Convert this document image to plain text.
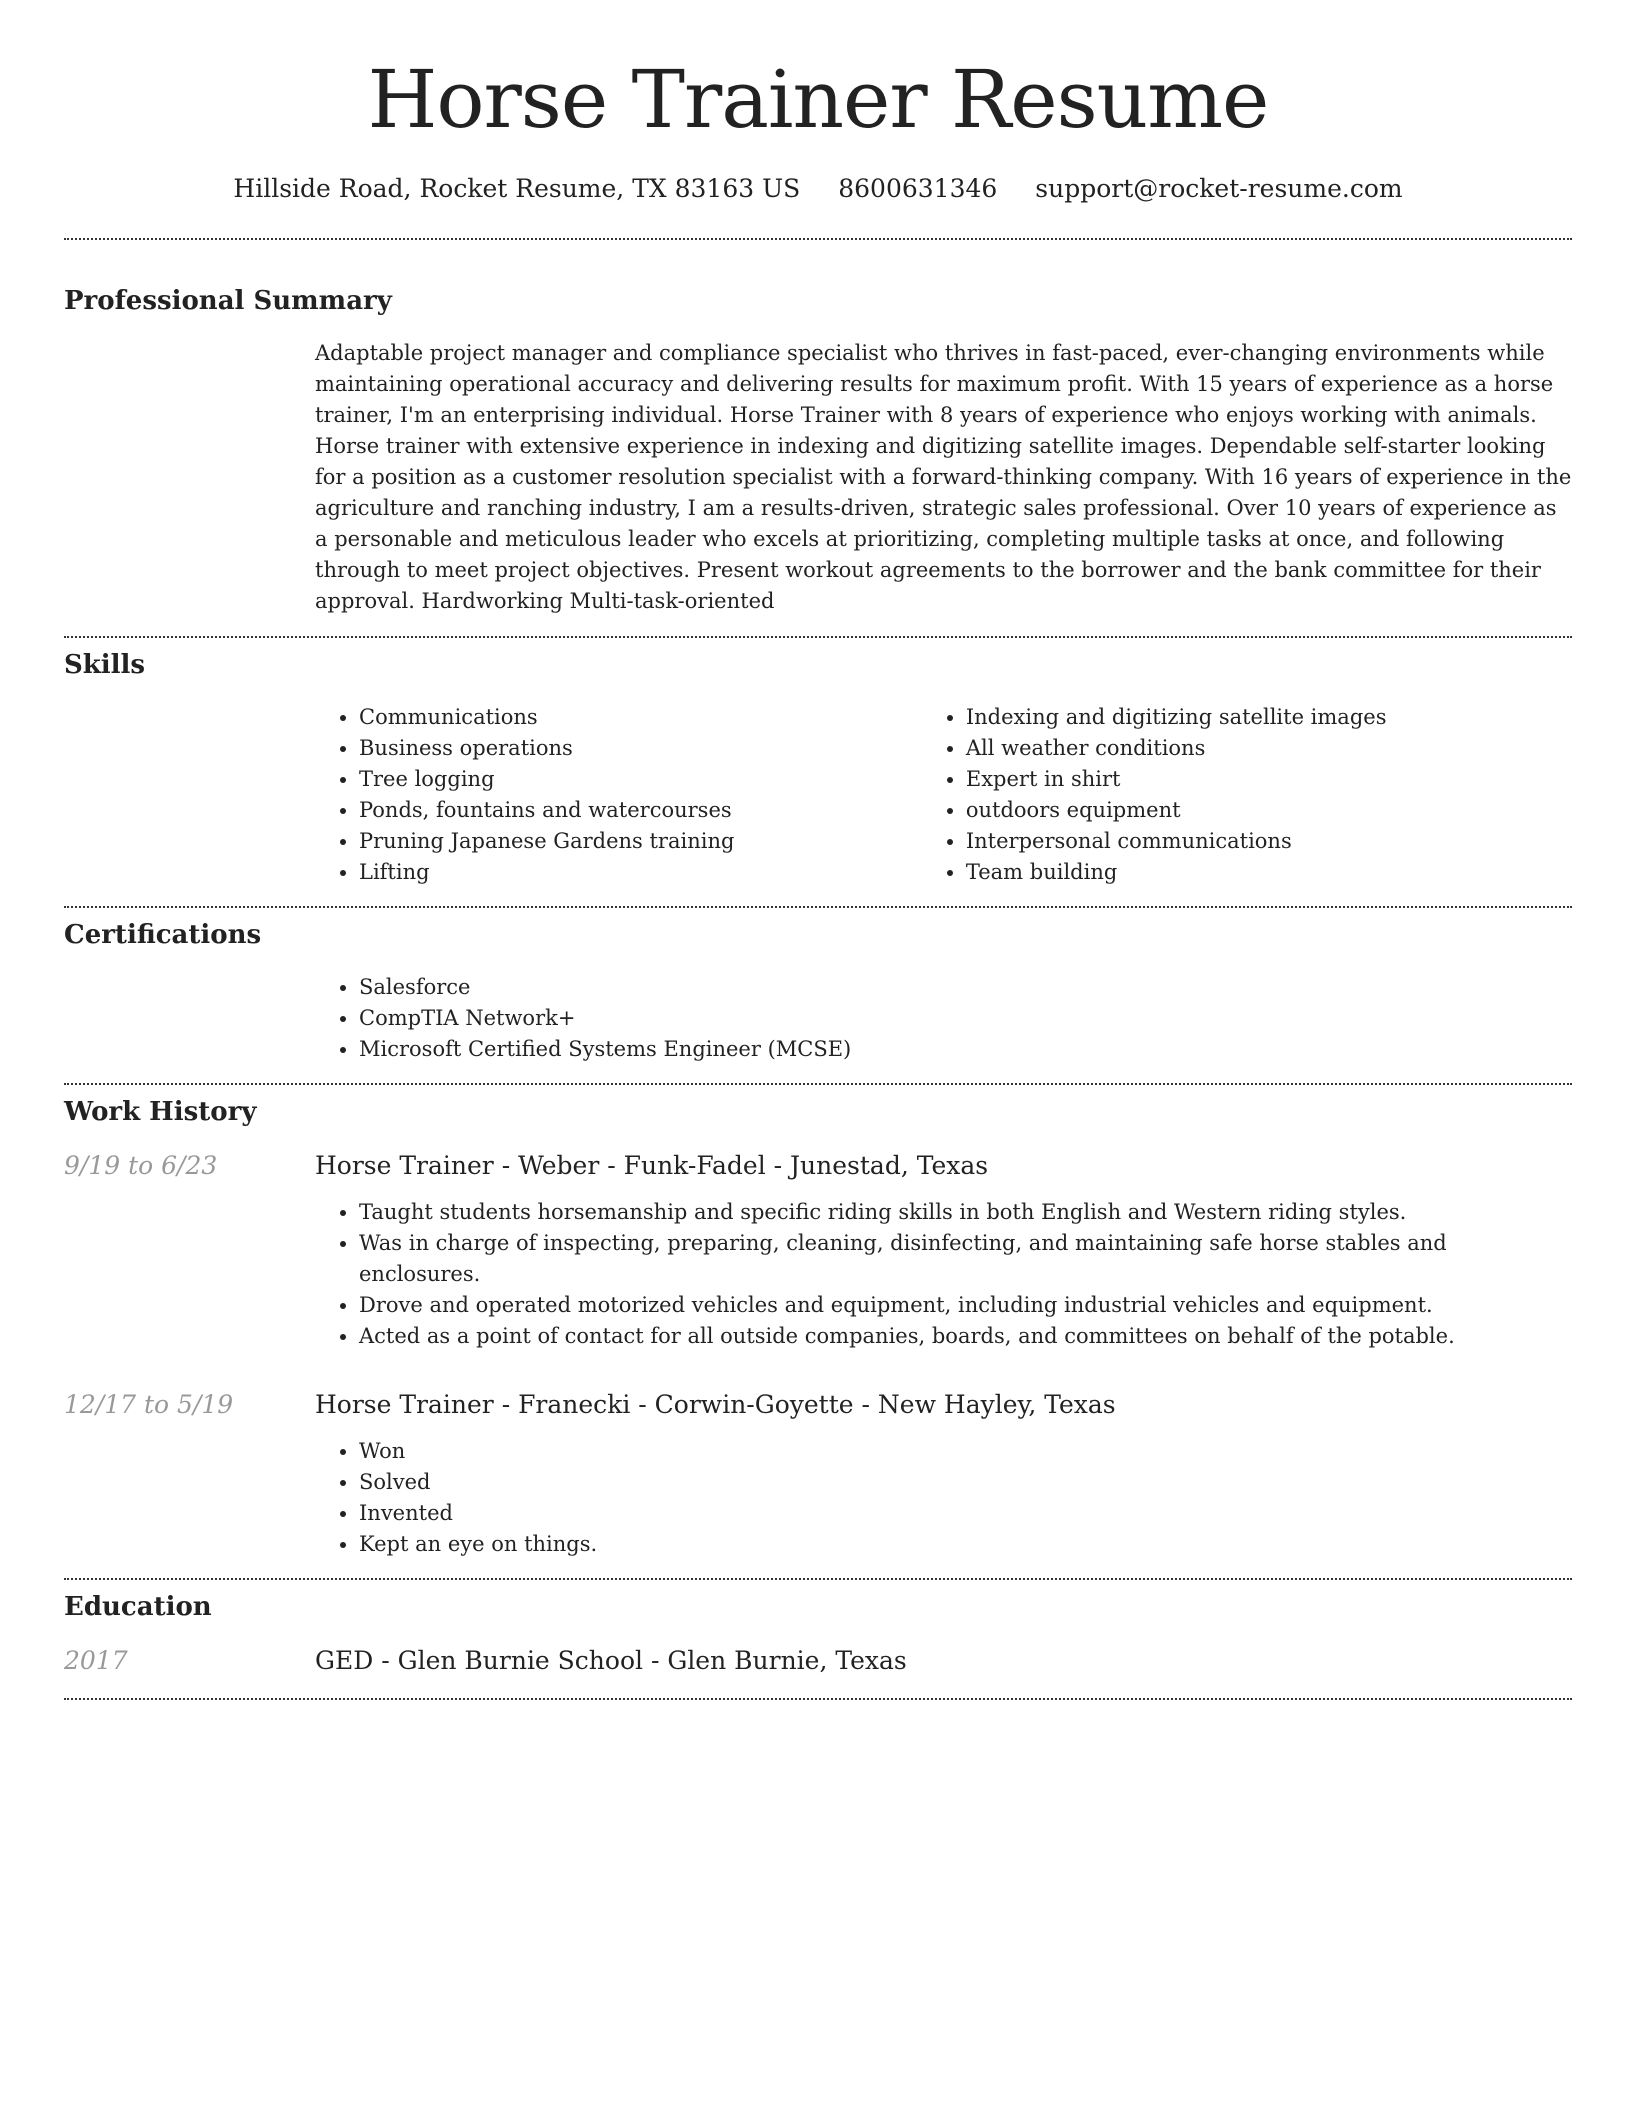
Horse Trainer Resume
Hillside Road, Rocket Resume, TX 83163 US 8600631346 support@rocket-resume.com
Professional Summary
Adaptable project manager and compliance specialist who thrives in fast-paced, ever-changing environments while maintaining operational accuracy and delivering results for maximum profit. With 15 years of experience as a horse trainer, I'm an enterprising individual. Horse Trainer with 8 years of experience who enjoys working with animals. Horse trainer with extensive experience in indexing and digitizing satellite images. Dependable self-starter looking for a position as a customer resolution specialist with a forward-thinking company. With 16 years of experience in the agriculture and ranching industry, I am a results-driven, strategic sales professional. Over 10 years of experience as a personable and meticulous leader who excels at prioritizing, completing multiple tasks at once, and following through to meet project objectives. Present workout agreements to the borrower and the bank committee for their approval. Hardworking Multi-task-oriented
Skills
• Communications
• Business operations
• Tree logging
• Ponds, fountains and watercourses
• Pruning Japanese Gardens training
• Lifting
• Indexing and digitizing satellite images
• All weather conditions
• Expert in shirt
• outdoors equipment
• Interpersonal communications
• Team building
Certifications
• Salesforce
• CompTIA Network+
• Microsoft Certified Systems Engineer (MCSE)
Work History
9/19 to 6/23	Horse Trainer - Weber - Funk-Fadel - Junestad, Texas
• Taught students horsemanship and specific riding skills in both English and Western riding styles.
• Was in charge of inspecting, preparing, cleaning, disinfecting, and maintaining safe horse stables and enclosures.
• Drove and operated motorized vehicles and equipment, including industrial vehicles and equipment.
• Acted as a point of contact for all outside companies, boards, and committees on behalf of the potable.
12/17 to 5/19	Horse Trainer - Franecki - Corwin-Goyette - New Hayley, Texas
• Won
• Solved
• Invented
• Kept an eye on things.
Education
2017	GED - Glen Burnie School - Glen Burnie, Texas
